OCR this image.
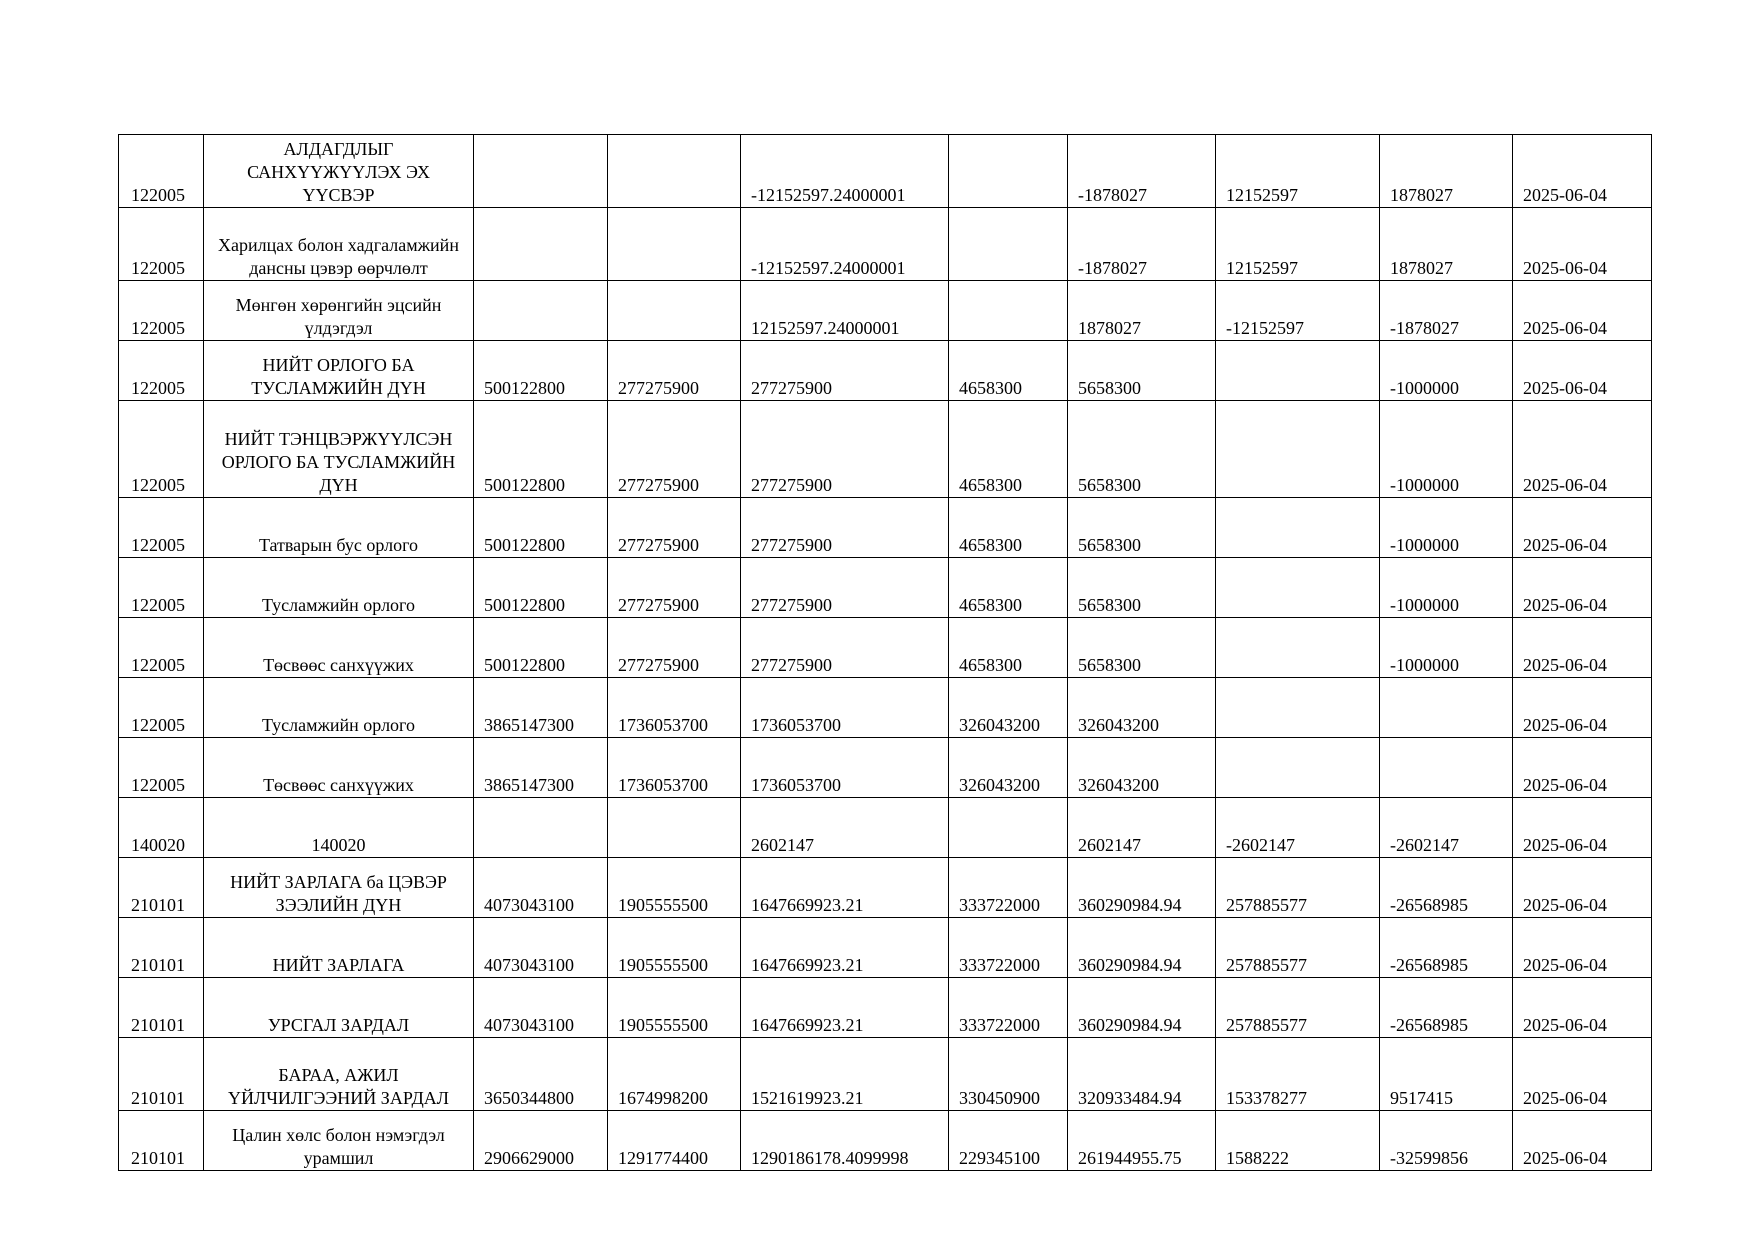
122005	АЛДАГДЛЫГ САНХҮҮЖҮҮЛЭХ ЭХ ҮҮСВЭР			-12152597.24000001		-1878027	12152597	1878027	2025-06-04
122005	Харилцах болон хадгаламжийн дансны цэвэр өөрчлөлт			-12152597.24000001		-1878027	12152597	1878027	2025-06-04
122005	Мөнгөн хөрөнгийн эцсийн үлдэгдэл			12152597.24000001		1878027	-12152597	-1878027	2025-06-04
122005	НИЙТ ОРЛОГО БА ТУСЛАМЖИЙН ДҮН	500122800	277275900	277275900	4658300	5658300		-1000000	2025-06-04
122005	НИЙТ ТЭНЦВЭРЖҮҮЛСЭН ОРЛОГО БА ТУСЛАМЖИЙН ДҮН	500122800	277275900	277275900	4658300	5658300		-1000000	2025-06-04
122005	Татварын бус орлого	500122800	277275900	277275900	4658300	5658300		-1000000	2025-06-04
122005	Тусламжийн орлого	500122800	277275900	277275900	4658300	5658300		-1000000	2025-06-04
122005	Төсвөөс санхүүжих	500122800	277275900	277275900	4658300	5658300		-1000000	2025-06-04
122005	Тусламжийн орлого	3865147300	1736053700	1736053700	326043200	326043200			2025-06-04
122005	Төсвөөс санхүүжих	3865147300	1736053700	1736053700	326043200	326043200			2025-06-04
140020	140020			2602147		2602147	-2602147	-2602147	2025-06-04
210101	НИЙТ ЗАРЛАГА ба ЦЭВЭР ЗЭЭЛИЙН ДҮН	4073043100	1905555500	1647669923.21	333722000	360290984.94	257885577	-26568985	2025-06-04
210101	НИЙТ ЗАРЛАГА	4073043100	1905555500	1647669923.21	333722000	360290984.94	257885577	-26568985	2025-06-04
210101	УРСГАЛ ЗАРДАЛ	4073043100	1905555500	1647669923.21	333722000	360290984.94	257885577	-26568985	2025-06-04
210101	БАРАА, АЖИЛ ҮЙЛЧИЛГЭЭНИЙ ЗАРДАЛ	3650344800	1674998200	1521619923.21	330450900	320933484.94	153378277	9517415	2025-06-04
210101	Цалин хөлс болон нэмэгдэл урамшил	2906629000	1291774400	1290186178.4099998	229345100	261944955.75	1588222	-32599856	2025-06-04
